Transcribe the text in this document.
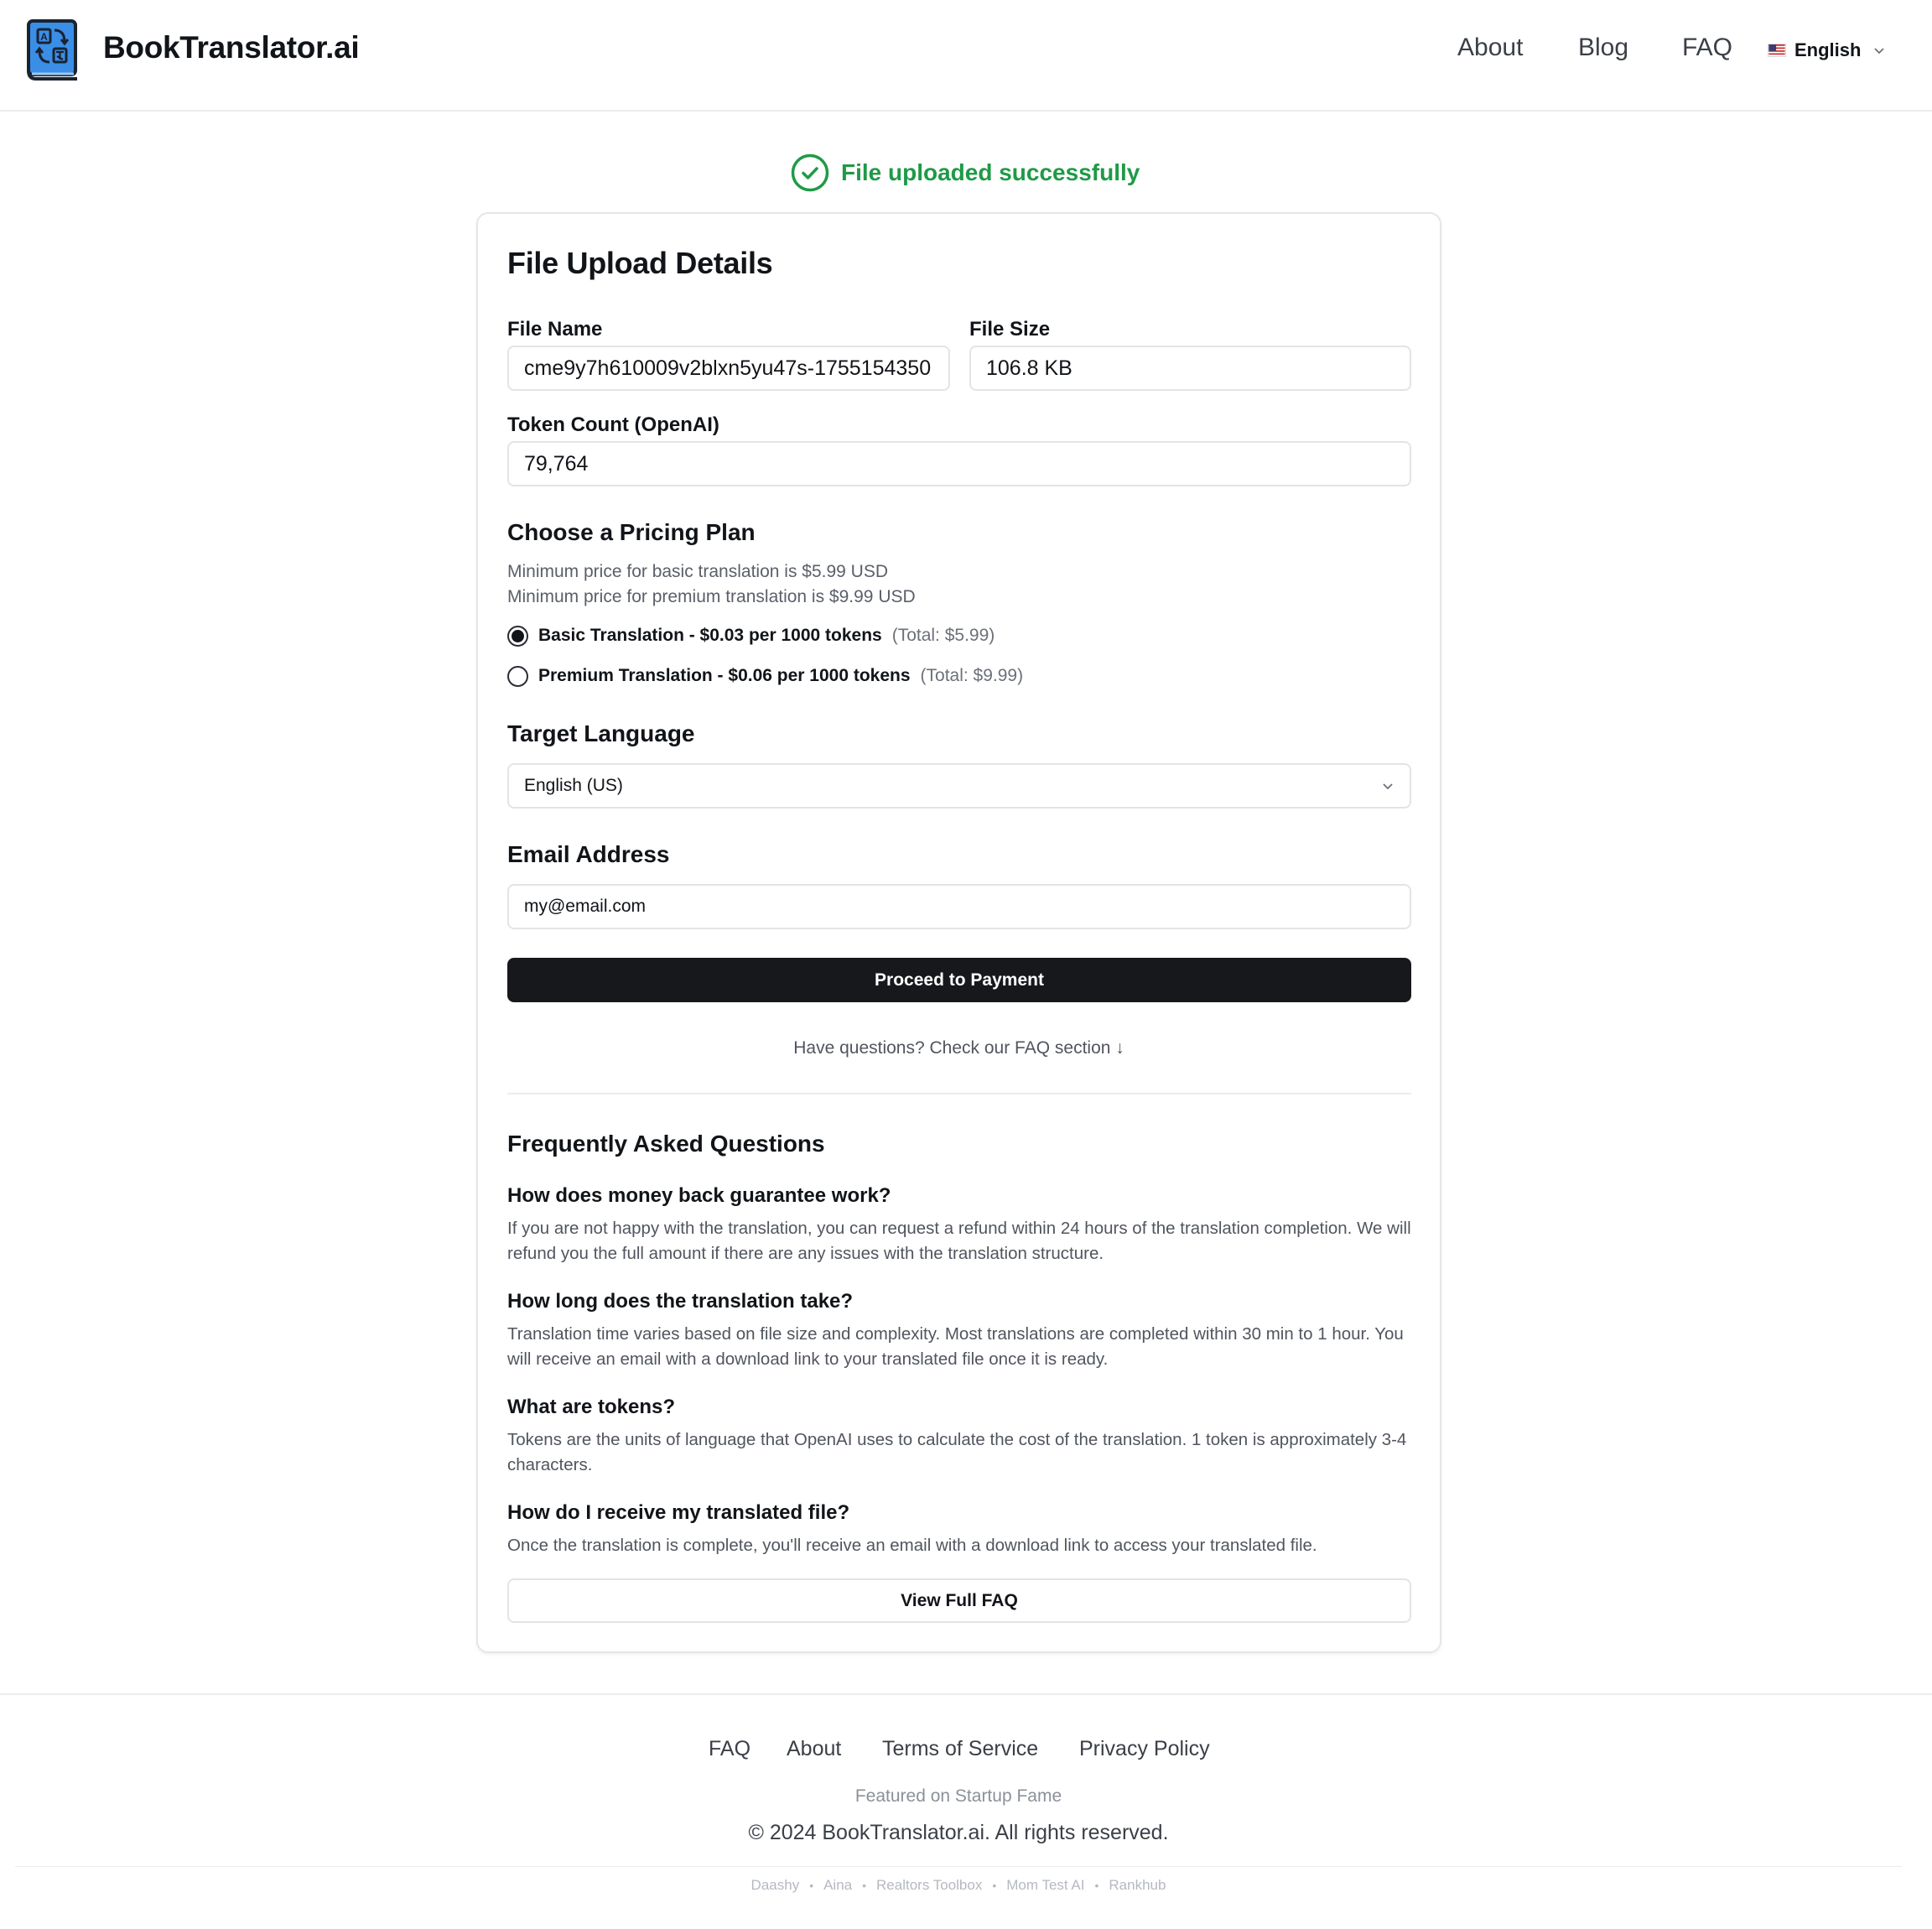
A BookTranslator.ai	About Blog FAQ	English
File uploaded successfully
File Upload Details
File Name
cme9y7h610009v2blxn5yu47s-1755154350
File Size
106.8 KB
Token Count (OpenAI)
79,764
Choose a Pricing Plan
Minimum price for basic translation is $5.99 USD
Minimum price for premium translation is $9.99 USD
Basic Translation - $0.03 per 1000 tokens (Total: $5.99)
Premium Translation - $0.06 per 1000 tokens (Total: $9.99)
Target Language
English (US)
Email Address
my@email.com
Proceed to Payment
Have questions? Check our FAQ section ↓
Frequently Asked Questions
How does money back guarantee work?
If you are not happy with the translation, you can request a refund within 24 hours of the translation completion. We will refund you the full amount if there are any issues with the translation structure.
How long does the translation take?
Translation time varies based on file size and complexity. Most translations are completed within 30 min to 1 hour. You will receive an email with a download link to your translated file once it is ready.
What are tokens?
Tokens are the units of language that OpenAI uses to calculate the cost of the translation. 1 token is approximately 3-4 characters.
How do I receive my translated file?
Once the translation is complete, you'll receive an email with a download link to access your translated file.
View Full FAQ
FAQ About Terms of Service Privacy Policy
Featured on Startup Fame
© 2024 BookTranslator.ai. All rights reserved.
Daashy • Aina • Realtors Toolbox • Mom Test AI • Rankhub
